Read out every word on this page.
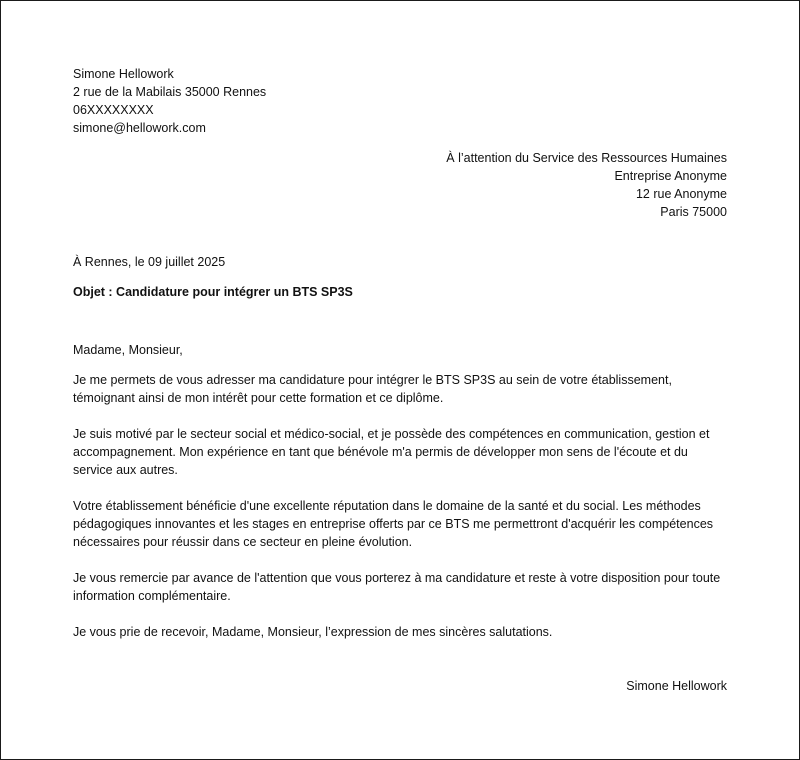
Simone Hellowork
2 rue de la Mabilais 35000 Rennes
06XXXXXXXX
simone@hellowork.com
À l’attention du Service des Ressources Humaines
Entreprise Anonyme
12 rue Anonyme
Paris 75000

À Rennes, le 09 juillet 2025

Objet : Candidature pour intégrer un BTS SP3S

Madame, Monsieur,

Je me permets de vous adresser ma candidature pour intégrer le BTS SP3S au sein de votre établissement, témoignant ainsi de mon intérêt pour cette formation et ce diplôme.

Je suis motivé par le secteur social et médico-social, et je possède des compétences en communication, gestion et accompagnement. Mon expérience en tant que bénévole m'a permis de développer mon sens de l'écoute et du service aux autres.

Votre établissement bénéficie d'une excellente réputation dans le domaine de la santé et du social. Les méthodes pédagogiques innovantes et les stages en entreprise offerts par ce BTS me permettront d'acquérir les compétences nécessaires pour réussir dans ce secteur en pleine évolution.

Je vous remercie par avance de l'attention que vous porterez à ma candidature et reste à votre disposition pour toute information complémentaire.

Je vous prie de recevoir, Madame, Monsieur, l’expression de mes sincères salutations.

Simone Hellowork
